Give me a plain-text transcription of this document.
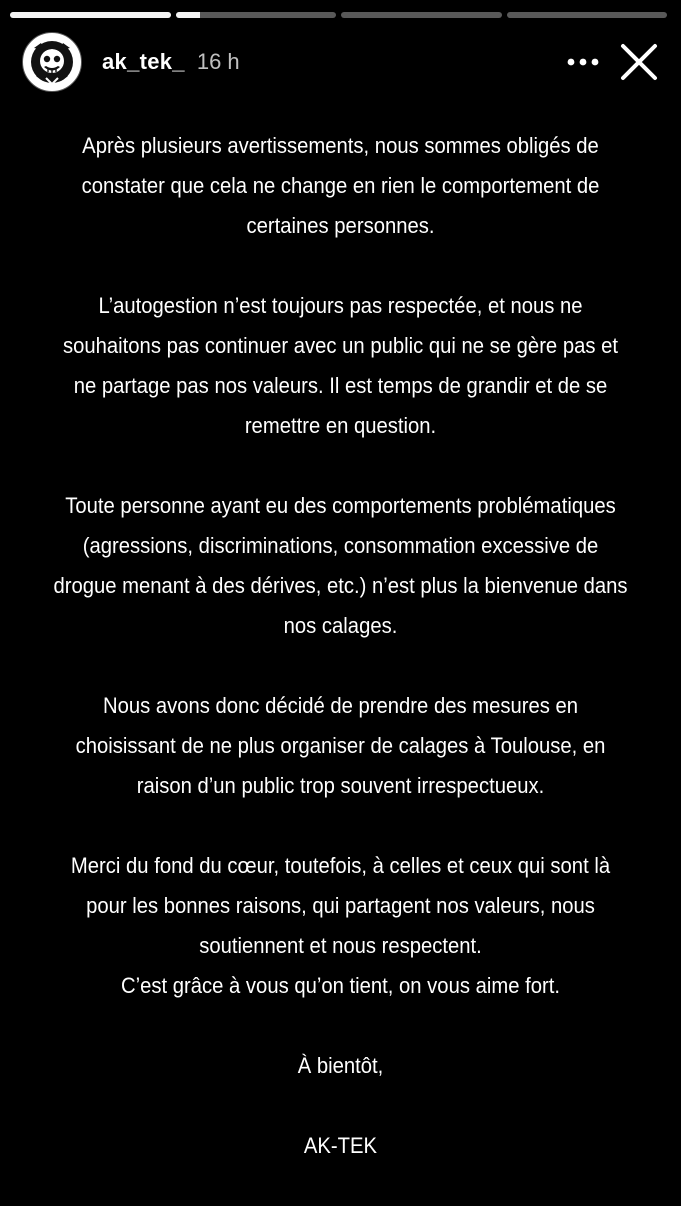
ak_tek_ 16 h

Après plusieurs avertissements, nous sommes obligés de
constater que cela ne change en rien le comportement de
certaines personnes.

L’autogestion n’est toujours pas respectée, et nous ne
souhaitons pas continuer avec un public qui ne se gère pas et
ne partage pas nos valeurs. Il est temps de grandir et de se
remettre en question.

Toute personne ayant eu des comportements problématiques
(agressions, discriminations, consommation excessive de
drogue menant à des dérives, etc.) n’est plus la bienvenue dans
nos calages.

Nous avons donc décidé de prendre des mesures en
choisissant de ne plus organiser de calages à Toulouse, en
raison d’un public trop souvent irrespectueux.

Merci du fond du cœur, toutefois, à celles et ceux qui sont là
pour les bonnes raisons, qui partagent nos valeurs, nous
soutiennent et nous respectent.
C’est grâce à vous qu’on tient, on vous aime fort.

À bientôt,

AK-TEK
